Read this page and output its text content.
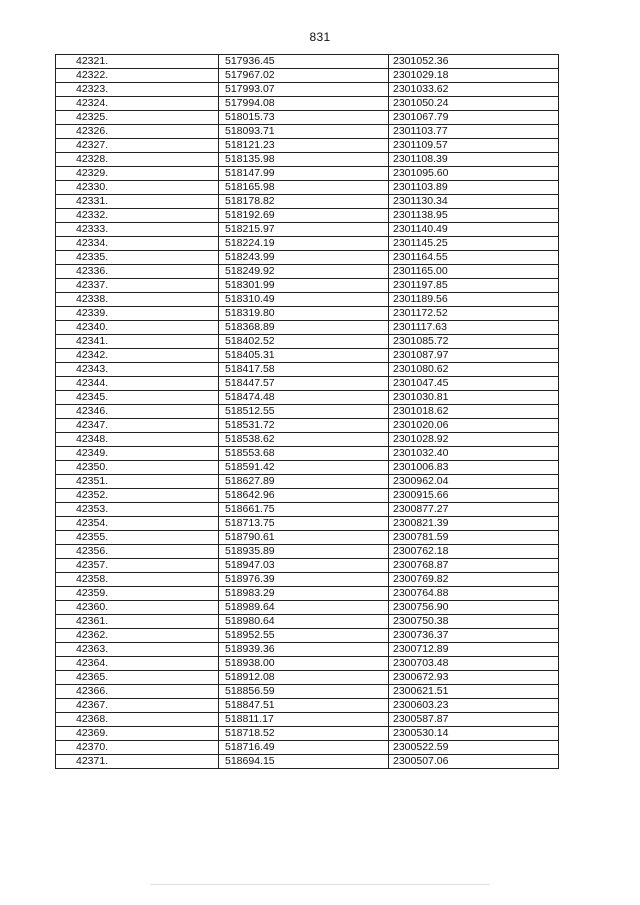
831
42321.	517936.45	2301052.36
42322.	517967.02	2301029.18
42323.	517993.07	2301033.62
42324.	517994.08	2301050.24
42325.	518015.73	2301067.79
42326.	518093.71	2301103.77
42327.	518121.23	2301109.57
42328.	518135.98	2301108.39
42329.	518147.99	2301095.60
42330.	518165.98	2301103.89
42331.	518178.82	2301130.34
42332.	518192.69	2301138.95
42333.	518215.97	2301140.49
42334.	518224.19	2301145.25
42335.	518243.99	2301164.55
42336.	518249.92	2301165.00
42337.	518301.99	2301197.85
42338.	518310.49	2301189.56
42339.	518319.80	2301172.52
42340.	518368.89	2301117.63
42341.	518402.52	2301085.72
42342.	518405.31	2301087.97
42343.	518417.58	2301080.62
42344.	518447.57	2301047.45
42345.	518474.48	2301030.81
42346.	518512.55	2301018.62
42347.	518531.72	2301020.06
42348.	518538.62	2301028.92
42349.	518553.68	2301032.40
42350.	518591.42	2301006.83
42351.	518627.89	2300962.04
42352.	518642.96	2300915.66
42353.	518661.75	2300877.27
42354.	518713.75	2300821.39
42355.	518790.61	2300781.59
42356.	518935.89	2300762.18
42357.	518947.03	2300768.87
42358.	518976.39	2300769.82
42359.	518983.29	2300764.88
42360.	518989.64	2300756.90
42361.	518980.64	2300750.38
42362.	518952.55	2300736.37
42363.	518939.36	2300712.89
42364.	518938.00	2300703.48
42365.	518912.08	2300672.93
42366.	518856.59	2300621.51
42367.	518847.51	2300603.23
42368.	518811.17	2300587.87
42369.	518718.52	2300530.14
42370.	518716.49	2300522.59
42371.	518694.15	2300507.06
